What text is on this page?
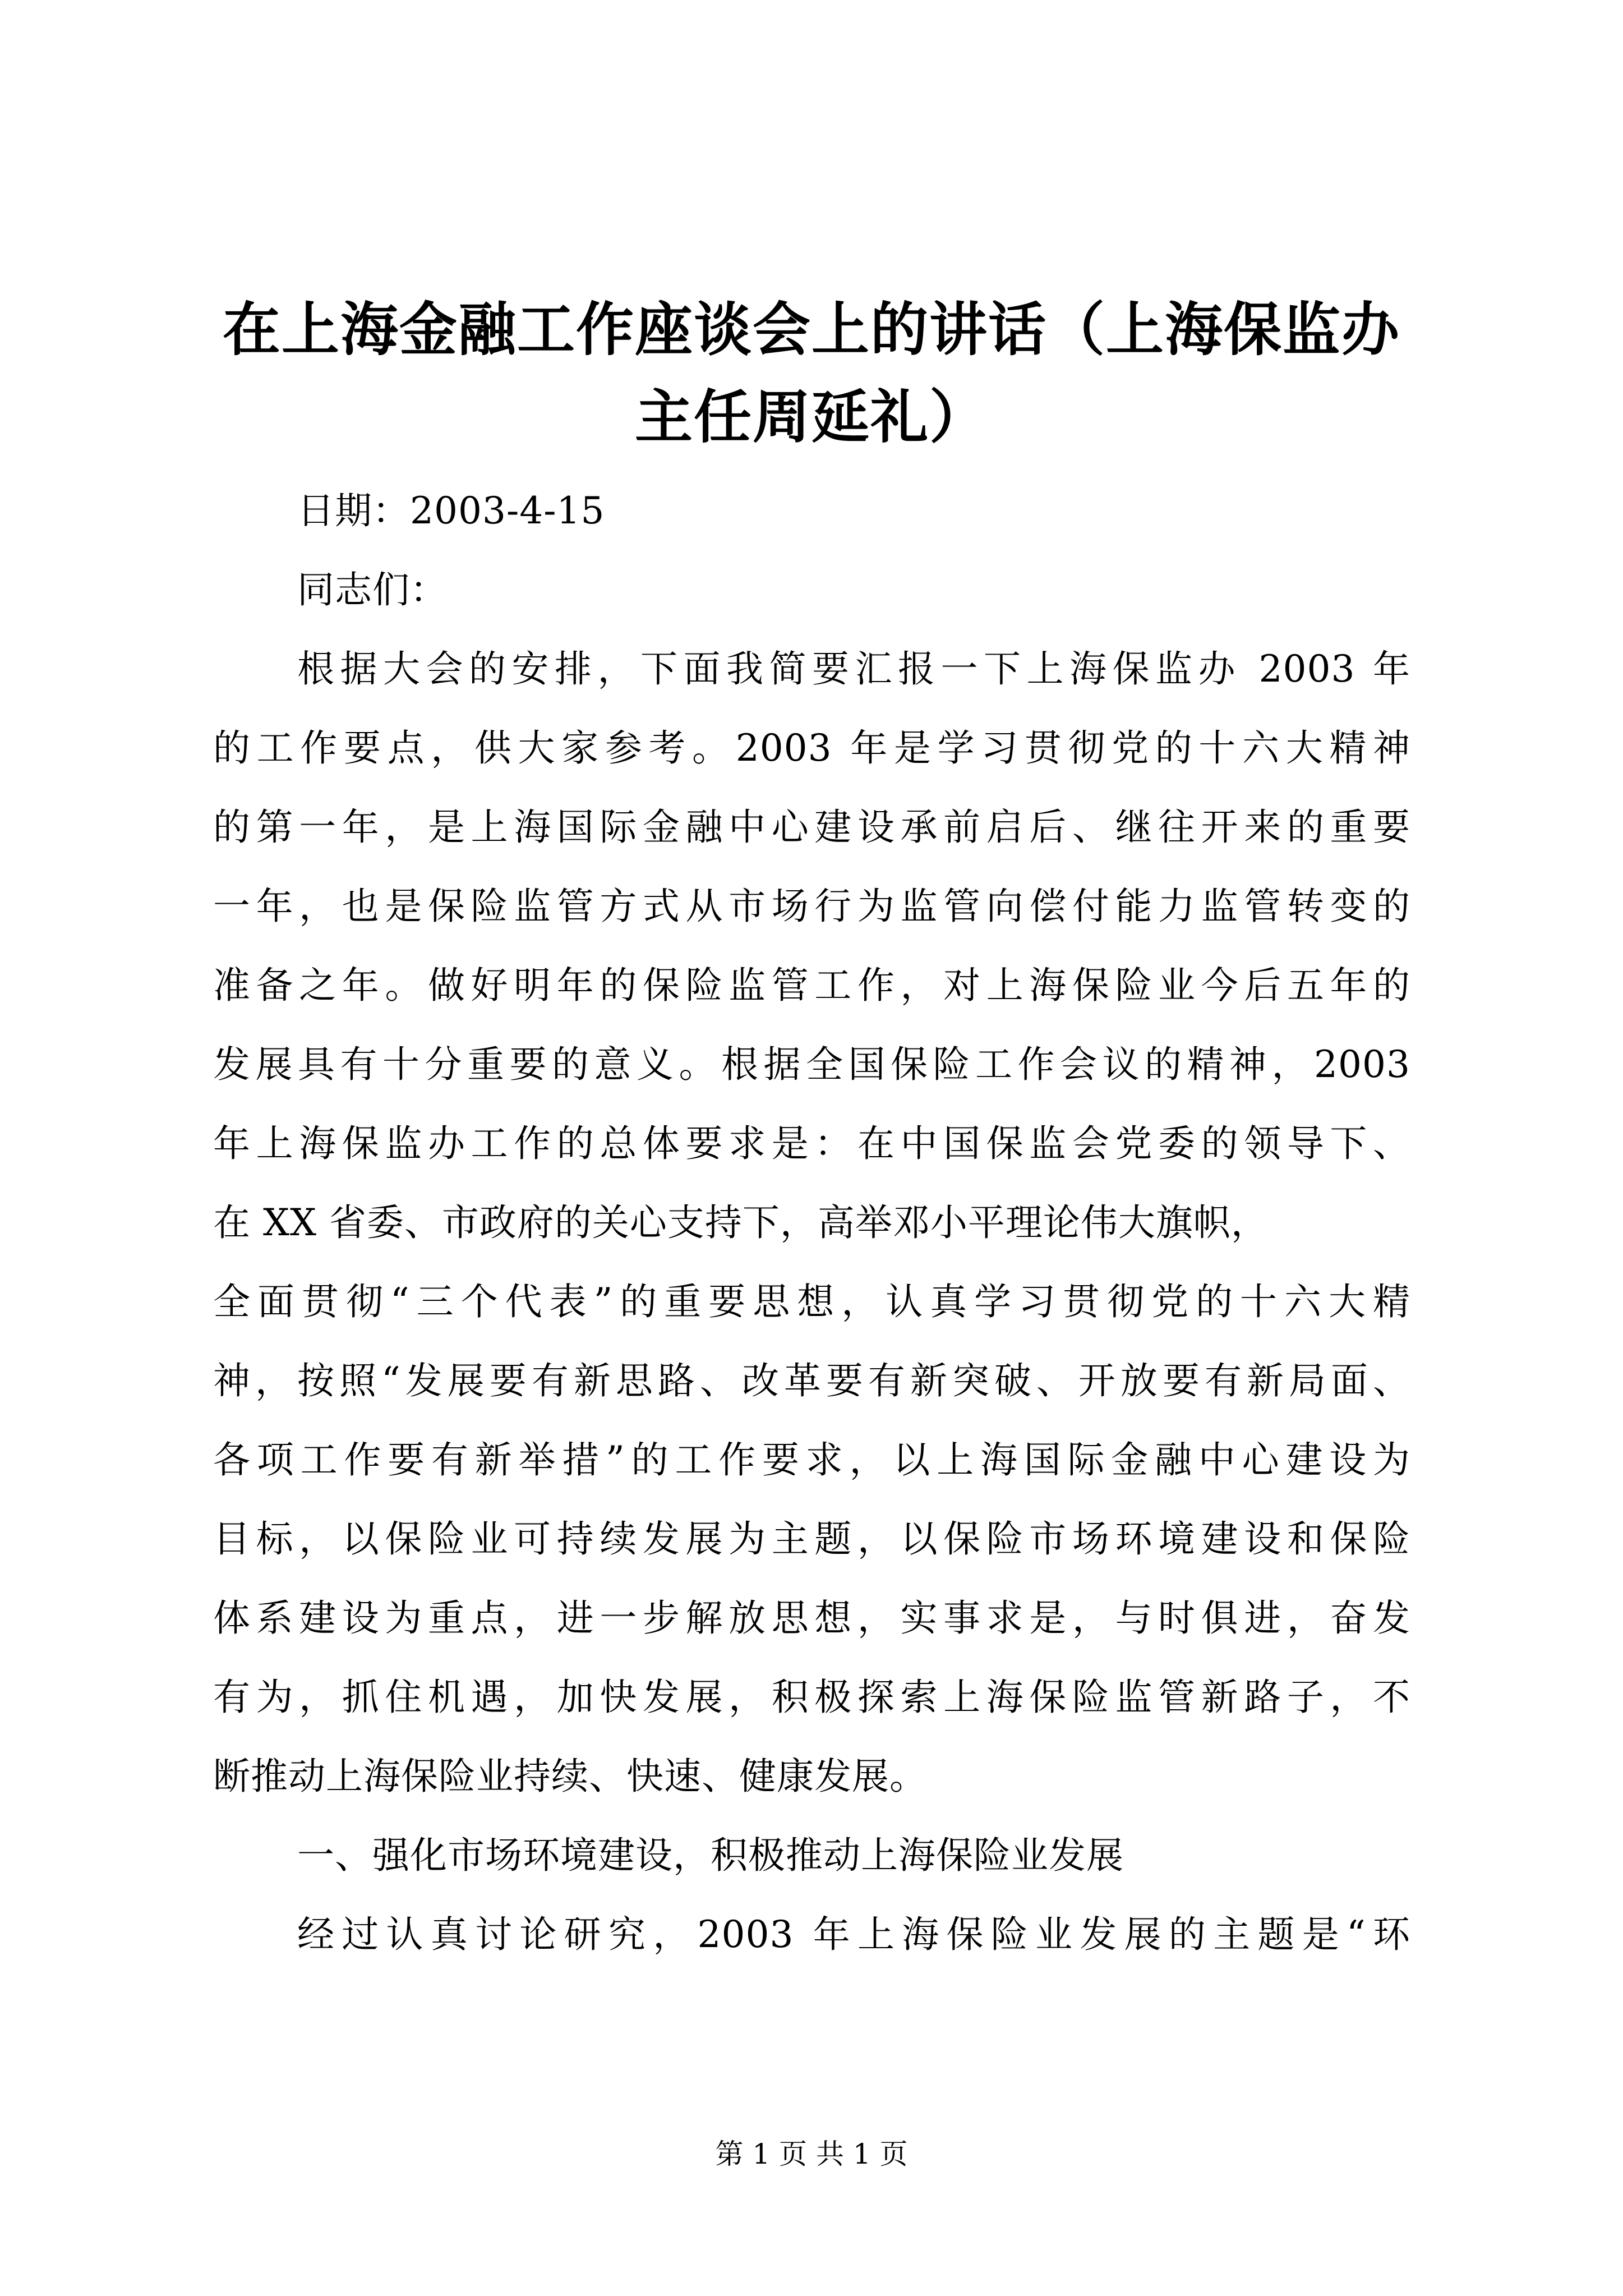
在上海金融工作座谈会上的讲话（上海保监办
主任周延礼）
日期：2003-4-15
同志们：
根据大会的安排，下面我简要汇报一下上海保监办 2003 年
的工作要点，供大家参考。2003 年是学习贯彻党的十六大精神
的第一年，是上海国际金融中心建设承前启后、继往开来的重要
一年，也是保险监管方式从市场行为监管向偿付能力监管转变的
准备之年。做好明年的保险监管工作，对上海保险业今后五年的
发展具有十分重要的意义。根据全国保险工作会议的精神，2003
年上海保监办工作的总体要求是：在中国保监会党委的领导下、
在 XX 省委、市政府的关心支持下，高举邓小平理论伟大旗帜，
全面贯彻“三个代表”的重要思想，认真学习贯彻党的十六大精
神，按照“发展要有新思路、改革要有新突破、开放要有新局面、
各项工作要有新举措”的工作要求，以上海国际金融中心建设为
目标，以保险业可持续发展为主题，以保险市场环境建设和保险
体系建设为重点，进一步解放思想，实事求是，与时俱进，奋发
有为，抓住机遇，加快发展，积极探索上海保险监管新路子，不
断推动上海保险业持续、快速、健康发展。
一、强化市场环境建设，积极推动上海保险业发展
经过认真讨论研究，2003 年上海保险业发展的主题是“环
第 1 页 共 1 页
